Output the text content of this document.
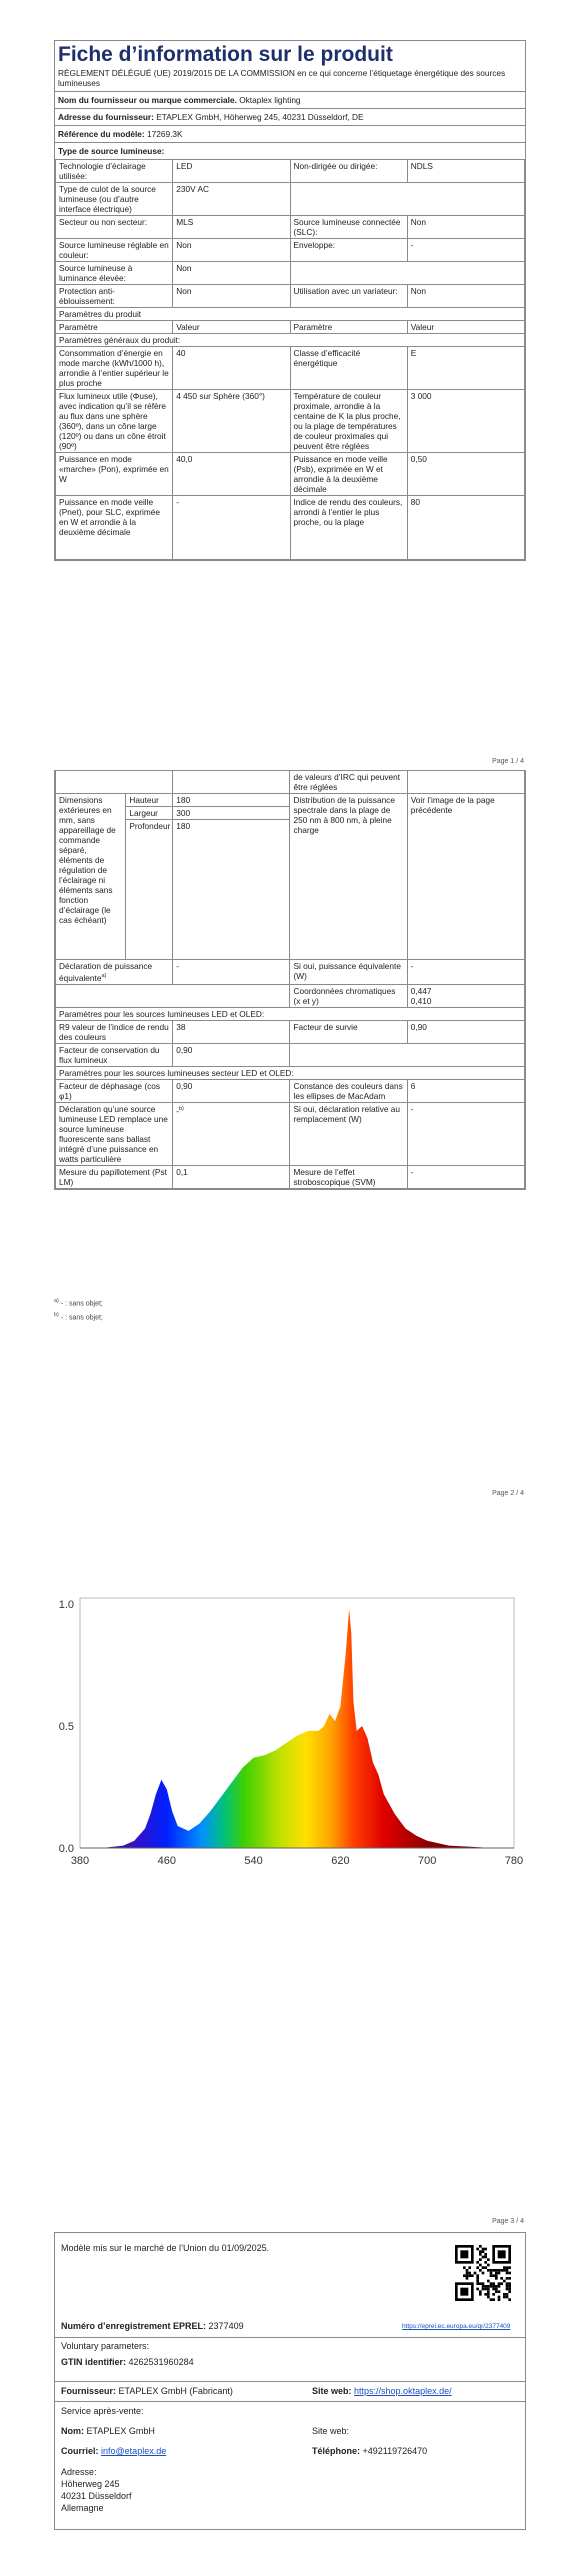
Fiche d’information sur le produit
RÈGLEMENT DÉLÉGUÉ (UE) 2019/2015 DE LA COMMISSION en ce qui concerne l’étiquetage énergétique des sources lumineuses
Nom du fournisseur ou marque commerciale. Oktaplex lighting
Adresse du fournisseur: ETAPLEX GmbH, Höherweg 245, 40231 Düsseldorf, DE
Référence du modèle: 17269.3K
Type de source lumineuse:
Technologie d’éclairage utilisée:	LED	Non-dirigée ou dirigée:	NDLS
Type de culot de la source lumineuse (ou d’autre interface électrique)	230V AC		
Secteur ou non secteur:	MLS	Source lumineuse connectée (SLC):	Non
Source lumineuse réglable en couleur:	Non	Enveloppe:	-
Source lumineuse à luminance élevée:	Non		
Protection anti-éblouissement:	Non	Utilisation avec un variateur:	Non
Paramètres du produit			
Paramètre	Valeur	Paramètre	Valeur
Paramètres généraux du produit:			
Consommation d’énergie en mode marche (kWh/1000 h), arrondie à l’entier supérieur le plus proche	40	Classe d’efficacité énergétique	E
Flux lumineux utile (Φuse), avec indication qu’il se réfère au flux dans une sphère (360º), dans un cône large (120º) ou dans un cône étroit (90º)	4 450 sur Sphère (360°)	Température de couleur proximale, arrondie à la centaine de K la plus proche, ou la plage de températures de couleur proximales qui peuvent être réglées	3 000
Puissance en mode «marche» (Pon), exprimée en W	40,0	Puissance en mode veille (Psb), exprimée en W et arrondie à la deuxième décimale	0,50
Puissance en mode veille (Pnet), pour SLC, exprimée en W et arrondie à la deuxième décimale	-	Indice de rendu des couleurs, arrondi à l’entier le plus proche, ou la plage	80
Page 1 / 4
			de valeurs d’IRC qui peuvent être réglées	
Dimensions extérieures en mm, sans appareillage de commande séparé, éléments de régulation de l’éclairage ni éléments sans fonction d’éclairage (le cas échéant)	Hauteur	180	Distribution de la puissance spectrale dans la plage de 250 nm à 800 nm, à pleine charge	Voir l’image de la page précédente
	Largeur	300		
	Profondeur	180		
Déclaration de puissance équivalente$^{a)}$		-	Si oui, puissance équivalente (W)	-
			Coordonnées chromatiques (x et y)	0,447
0,410

Paramètres pour les sources lumineuses LED et OLED:				
R9 valeur de l’indice de rendu des couleurs		38	Facteur de survie	0,90
Facteur de conservation du flux lumineux		0,90		
Paramètres pour les sources lumineuses secteur LED et OLED:				
Facteur de déphasage (cos φ1)		0,90	Constance des couleurs dans les ellipses de MacAdam	6
Déclaration qu’une source lumineuse LED remplace une source lumineuse fluorescente sans ballast intégré d’une puissance en watts particulière		-$^{b)}$	Si oui, déclaration relative au remplacement (W)	-
Mesure du papillotement (Pst LM)		0,1	Mesure de l’effet stroboscopique (SVM)	-
$^{a)}$ - : sans objet;
$^{b)}$ - : sans objet;
Page 2 / 4
380	460	540	620	700	780
0.0
0.5
1.0
Page 3 / 4
Modèle mis sur le marché de l’Union du 01/09/2025.
Numéro d’enregistrement EPREL: 2377409	https://eprel.ec.europa.eu/qr/2377409
Voluntary parameters:
GTIN identifier: 4262531960284
Fournisseur: ETAPLEX GmbH (Fabricant)	Site web: https://shop.oktaplex.de/
Service après-vente:
Nom: ETAPLEX GmbH	Site web:
Courriel: info@etaplex.de	Téléphone: +492119726470
Adresse:
Höherweg 245
40231 Düsseldorf
Allemagne
